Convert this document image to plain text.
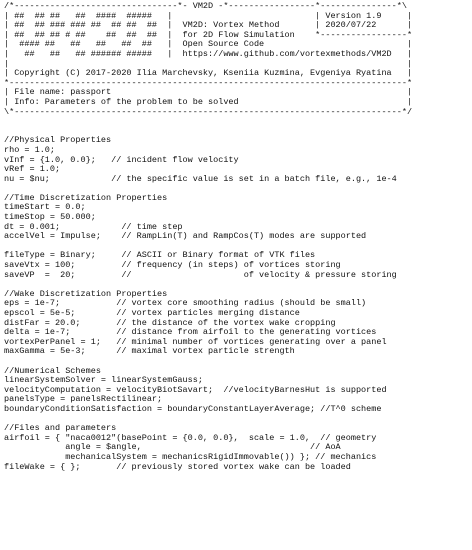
/*--------------------------------*- VM2D -*-----------------*---------------*\
| ##  ## ##   ##  ####  #####   |                            | Version 1.9     |
| ##  ## ### ### ##  ## ##  ##  |  VM2D: Vortex Method       | 2020/07/22      |
| ##  ## ## # ##    ##  ##  ##  |  for 2D Flow Simulation    *-----------------*
|  #### ##   ##   ##   ##  ##   |  Open Source Code                            |
|   ##   ##   ## ###### #####   |  https://www.github.com/vortexmethods/VM2D   |
|                                                                              |
| Copyright (C) 2017-2020 Ilia Marchevsky, Kseniia Kuzmina, Evgeniya Ryatina   |
*------------------------------------------------------------------------------*
| File name: passport                                                          |
| Info: Parameters of the problem to be solved                                 |
\*----------------------------------------------------------------------------*/
//Physical Properties
rho = 1.0;
vInf = {1.0, 0.0};   // incident flow velocity
vRef = 1.0;
nu = $nu;            // the specific value is set in a batch file, e.g., 1e-4
//Time Discretization Properties
timeStart = 0.0;
timeStop = 50.000;
dt = 0.001;            // time step
accelVel = Impulse;    // RampLin(T) and RampCos(T) modes are supported
fileType = Binary;     // ASCII or Binary format of VTK files
saveVtx = 100;         // frequency (in steps) of vortices storing
saveVP  =  20;         //                      of velocity & pressure storing
//Wake Discretization Properties
eps = 1e-7;           // vortex core smoothing radius (should be small)
epscol = 5e-5;        // vortex particles merging distance
distFar = 20.0;       // the distance of the vortex wake cropping
delta = 1e-7;         // distance from airfoil to the generating vortices
vortexPerPanel = 1;   // minimal number of vortices generating over a panel
maxGamma = 5e-3;      // maximal vortex particle strength
//Numerical Schemes
linearSystemSolver = linearSystemGauss;
velocityComputation = velocityBiotSavart;  //velocityBarnesHut is supported
panelsType = panelsRectilinear;
boundaryConditionSatisfaction = boundaryConstantLayerAverage; //T^0 scheme
//Files and parameters
airfoil = { "naca0012"(basePoint = {0.0, 0.0},  scale = 1.0,  // geometry
angle = $angle,                                 // AoA
mechanicalSystem = mechanicsRigidImmovable()) }; // mechanics
fileWake = { };       // previously stored vortex wake can be loaded
